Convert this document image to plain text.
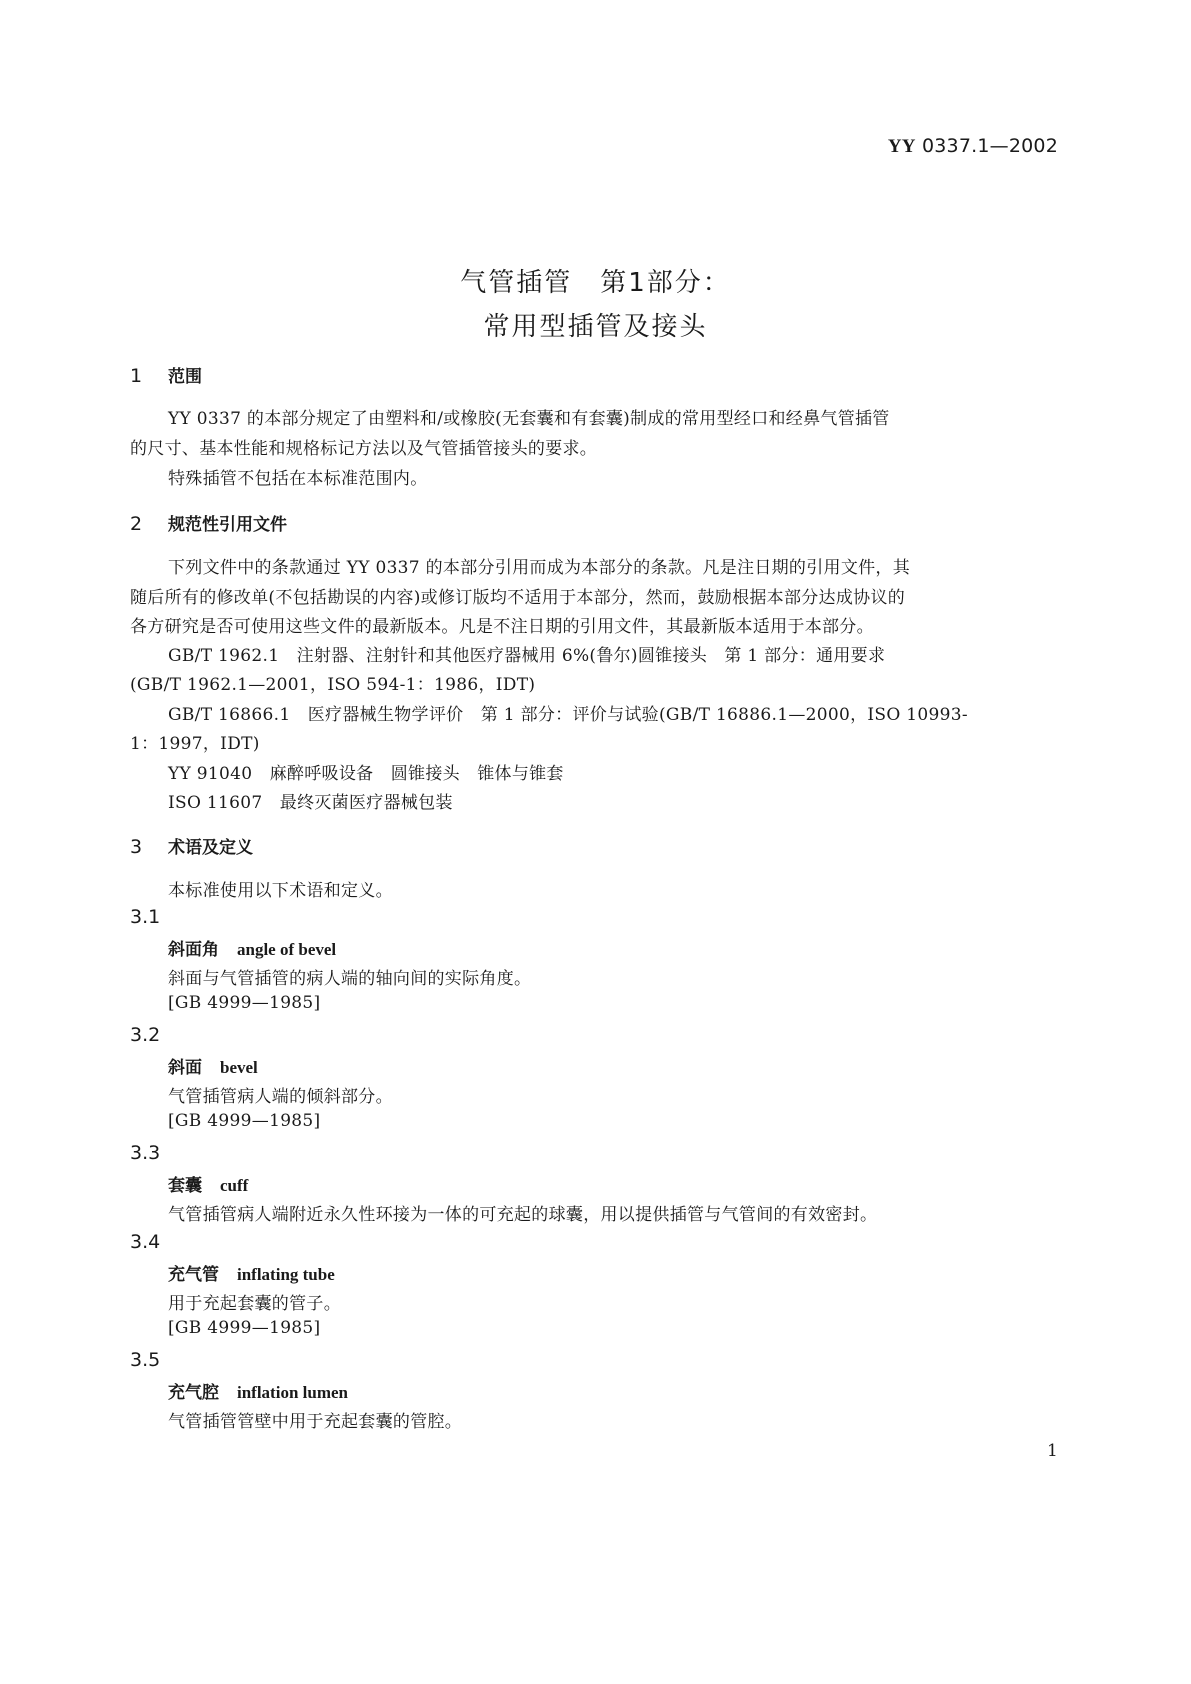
YY 0337.1—2002
气管插管　第1部分：
常用型插管及接头
1 范围
YY 0337 的本部分规定了由塑料和/或橡胶(无套囊和有套囊)制成的常用型经口和经鼻气管插管
的尺寸、基本性能和规格标记方法以及气管插管接头的要求。
特殊插管不包括在本标准范围内。
2 规范性引用文件
下列文件中的条款通过 YY 0337 的本部分引用而成为本部分的条款。凡是注日期的引用文件，其
随后所有的修改单(不包括勘误的内容)或修订版均不适用于本部分，然而，鼓励根据本部分达成协议的
各方研究是否可使用这些文件的最新版本。凡是不注日期的引用文件，其最新版本适用于本部分。
GB/T 1962.1　注射器、注射针和其他医疗器械用 6%(鲁尔)圆锥接头　第 1 部分：通用要求
(GB/T 1962.1—2001，ISO 594-1：1986，IDT)
GB/T 16866.1　医疗器械生物学评价　第 1 部分：评价与试验(GB/T 16886.1—2000，ISO 10993-
1：1997，IDT)
YY 91040　麻醉呼吸设备　圆锥接头　锥体与锥套
ISO 11607　最终灭菌医疗器械包装
3 术语及定义
本标准使用以下术语和定义。
3.1
斜面角 angle of bevel
斜面与气管插管的病人端的轴向间的实际角度。
[GB 4999—1985]
3.2
斜面 bevel
气管插管病人端的倾斜部分。
[GB 4999—1985]
3.3
套囊 cuff
气管插管病人端附近永久性环接为一体的可充起的球囊，用以提供插管与气管间的有效密封。
3.4
充气管 inflating tube
用于充起套囊的管子。
[GB 4999—1985]
3.5
充气腔 inflation lumen
气管插管管壁中用于充起套囊的管腔。
1
